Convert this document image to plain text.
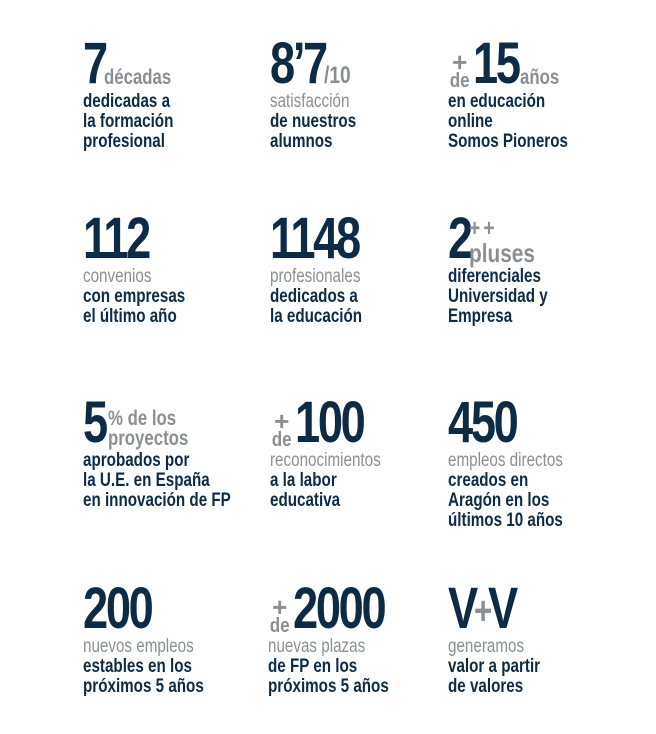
7
décadas
dedicadas a
la formación
profesional
8’7
/10
satisfacción
de nuestros
alumnos
+
de 15 años
en educación
online
Somos Pioneros
112
convenios
con empresas
el último año
1148
profesionales
dedicados a
la educación
2
++
pluses
diferenciales
Universidad y
Empresa
5 % de los
proyectos
aprobados por
la U.E. en España
en innovación de FP
+
de 100
reconocimientos
a la labor
educativa
450
empleos directos
creados en
Aragón en los
últimos 10 años
200
nuevos empleos
estables en los
próximos 5 años
+
de 2000
nuevas plazas
de FP en los
próximos 5 años
V
+
V
generamos
valor a partir
de valores
